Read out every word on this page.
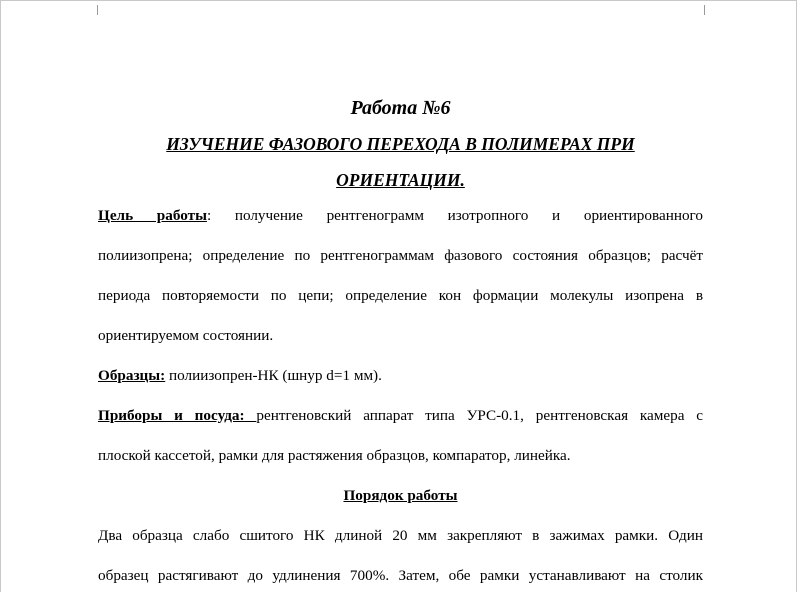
Работа №6
ИЗУЧЕНИЕ ФАЗОВОГО ПЕРЕХОДА В ПОЛИМЕРАХ ПРИ
ОРИЕНТАЦИИ.
Цель работы: получение рентгенограмм изотропного и ориентированного
полиизопрена; определение по рентгенограммам фазового состояния образцов; расчёт
периода повторяемости по цепи; определение кон формации молекулы изопрена в
ориентируемом состоянии.
Образцы: полиизопрен-НК (шнур d=1 мм).
Приборы и посуда: рентгеновский аппарат типа УРС-0.1, рентгеновская камера с
плоской кассетой, рамки для растяжения образцов, компаратор, линейка.
Порядок работы
Два образца слабо сшитого НК длиной 20 мм закрепляют в зажимах рамки. Один
образец растягивают до удлинения 700%. Затем, обе рамки устанавливают на столик
